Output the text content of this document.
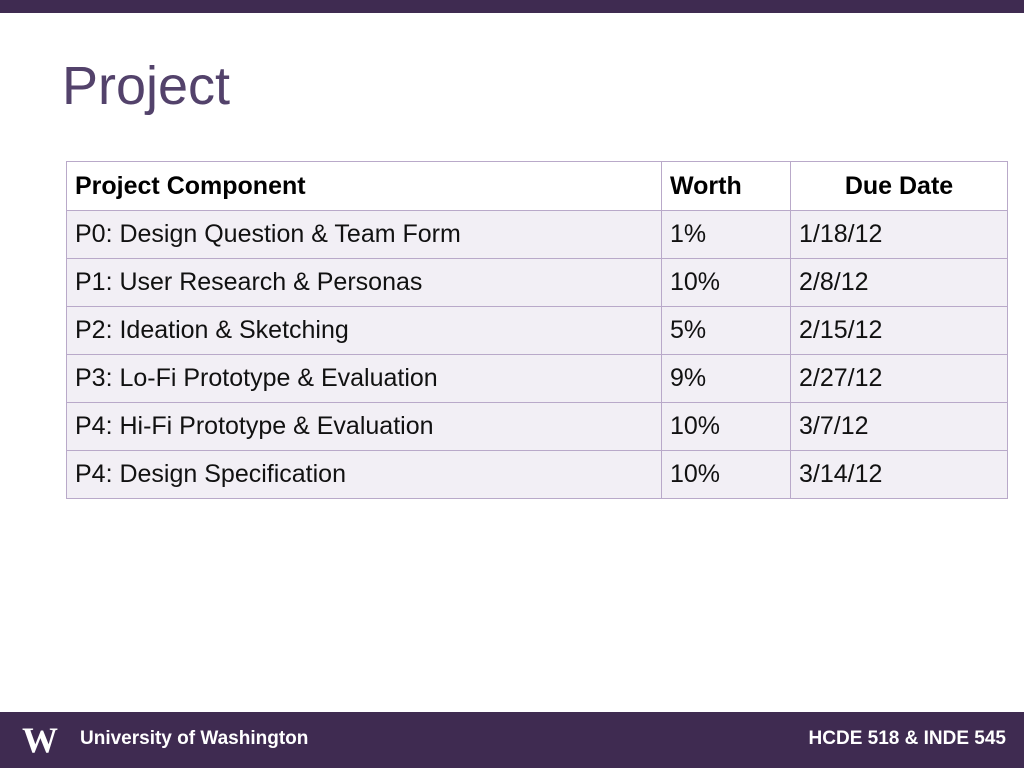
Project
Project Component	Worth	Due Date
P0: Design Question & Team Form	1%	1/18/12
P1: User Research & Personas	10%	2/8/12
P2: Ideation & Sketching	5%	2/15/12
P3: Lo-Fi Prototype & Evaluation	9%	2/27/12
P4: Hi-Fi Prototype & Evaluation	10%	3/7/12
P4: Design Specification	10%	3/14/12
W University of Washington	HCDE 518 & INDE 545
